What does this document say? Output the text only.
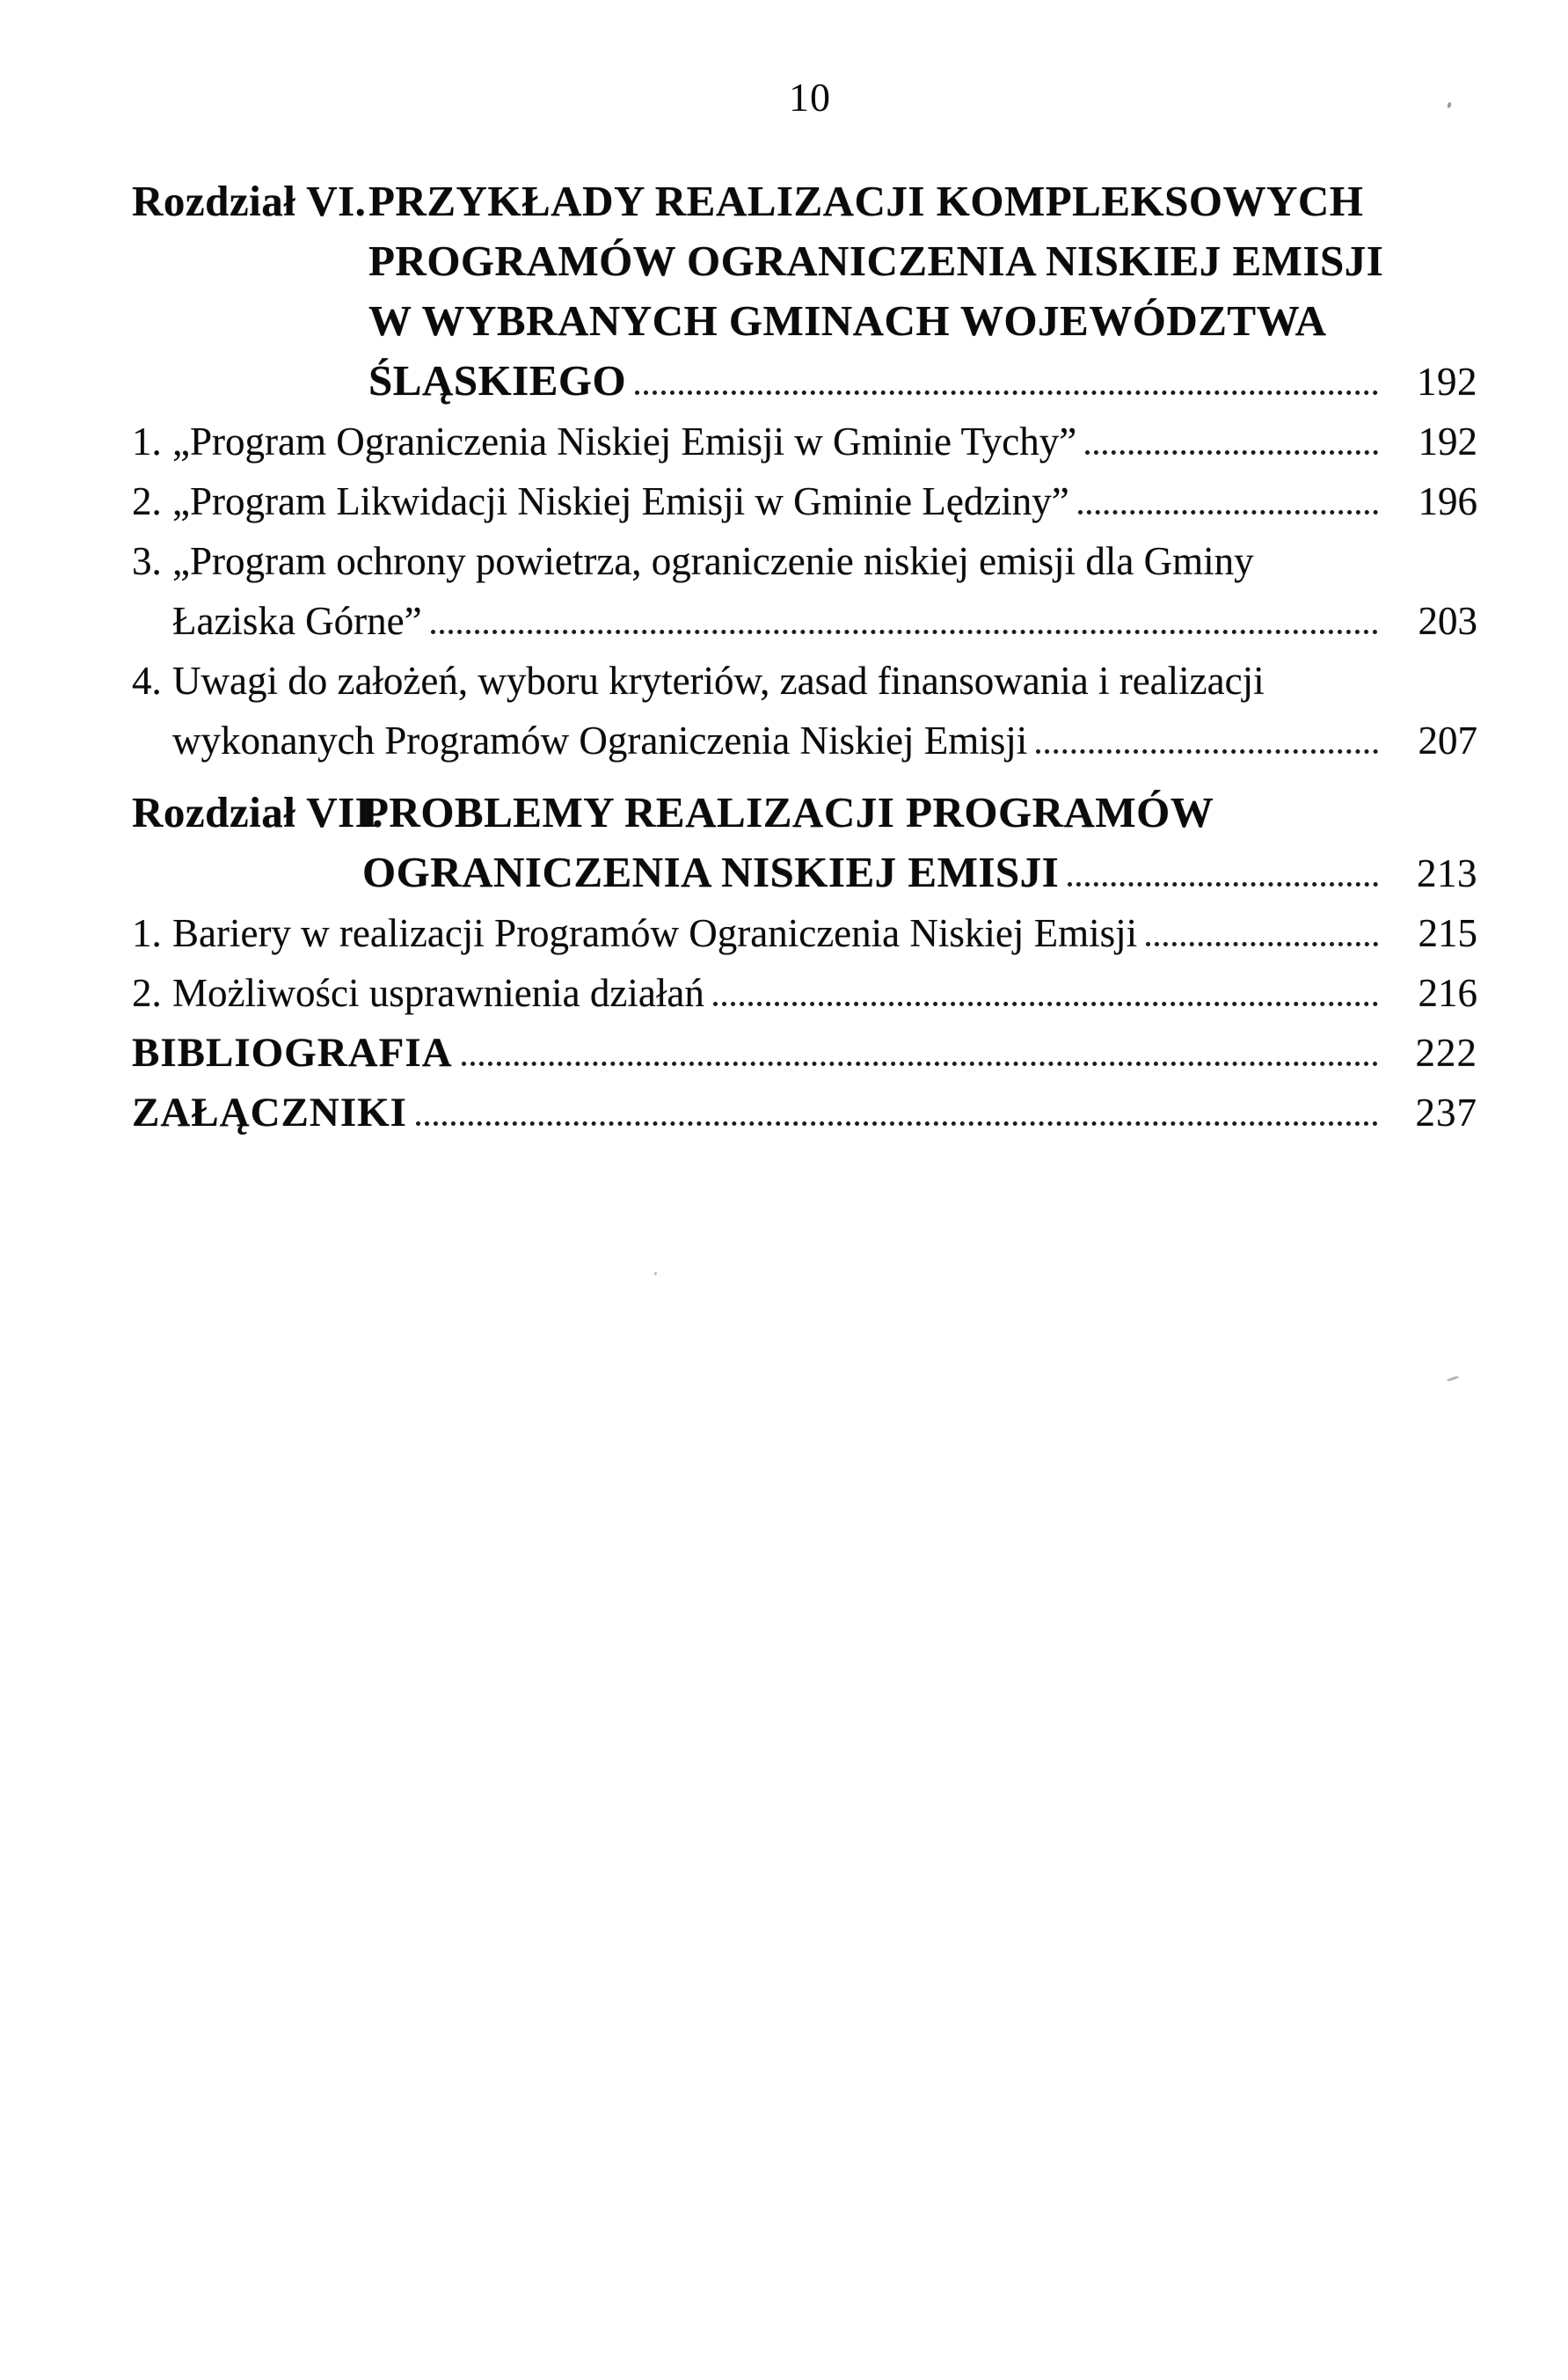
10
Rozdział VI. PRZYKŁADY REALIZACJI KOMPLEKSOWYCH
PROGRAMÓW OGRANICZENIA NISKIEJ EMISJI
W WYBRANYCH GMINACH WOJEWÓDZTWA
ŚLĄSKIEGO	192
1. „Program Ograniczenia Niskiej Emisji w Gminie Tychy”	192
2. „Program Likwidacji Niskiej Emisji w Gminie Lędziny”	196
3. „Program ochrony powietrza, ograniczenie niskiej emisji dla Gminy
Łaziska Górne”	203
4. Uwagi do założeń, wyboru kryteriów, zasad finansowania i realizacji
wykonanych Programów Ograniczenia Niskiej Emisji	207
Rozdział VII.
PROBLEMY REALIZACJI PROGRAMÓW
OGRANICZENIA NISKIEJ EMISJI	213
1. Bariery w realizacji Programów Ograniczenia Niskiej Emisji	215
2. Możliwości usprawnienia działań	216
BIBLIOGRAFIA	222
ZAŁĄCZNIKI	237
